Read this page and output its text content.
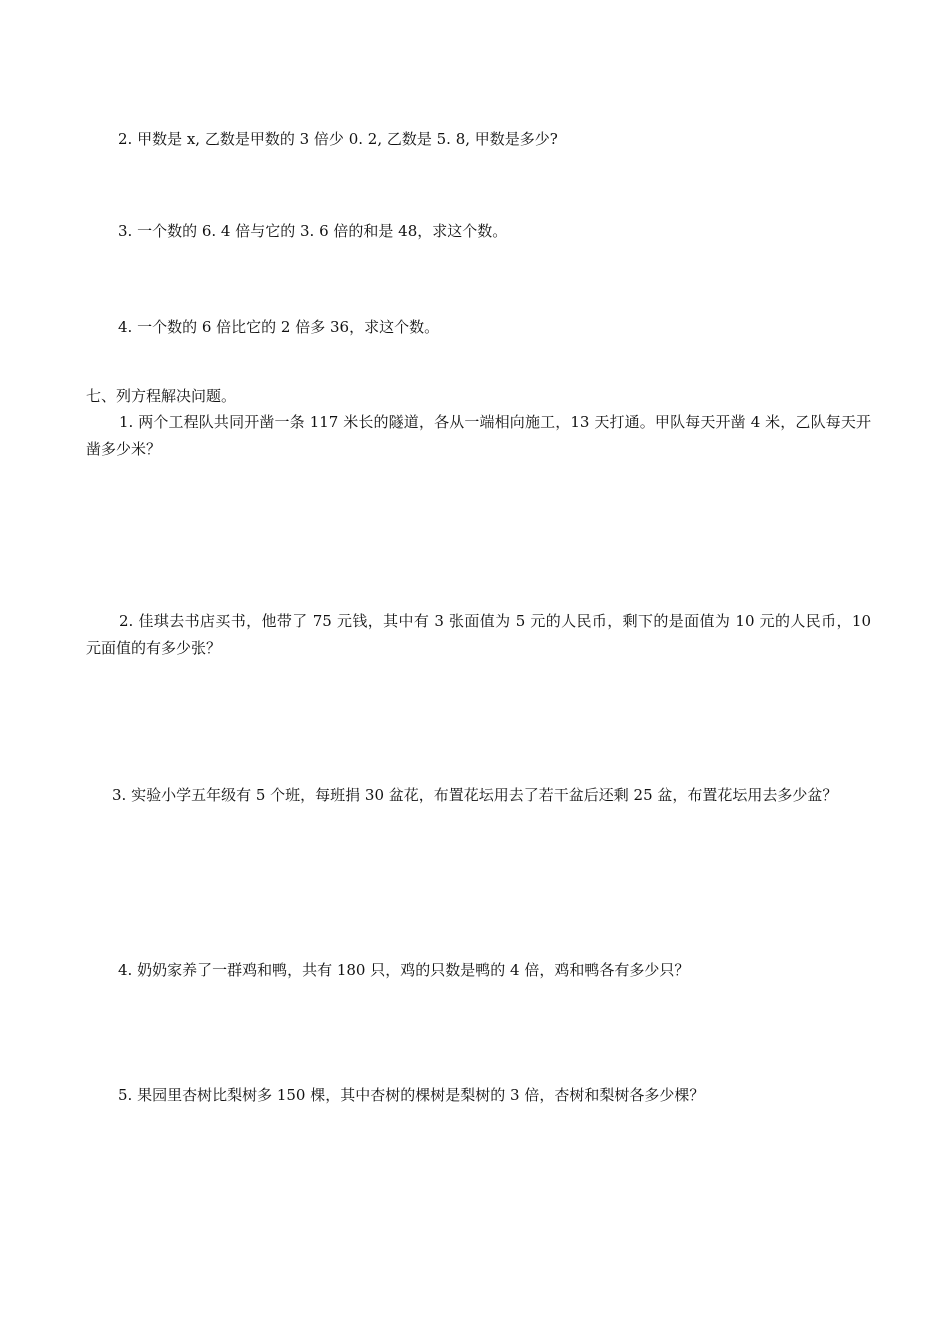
2. 甲数是 x, 乙数是甲数的 3 倍少 0. 2, 乙数是 5. 8, 甲数是多少?
3. 一个数的 6. 4 倍与它的 3. 6 倍的和是 48，求这个数。
4. 一个数的 6 倍比它的 2 倍多 36，求这个数。
七、列方程解决问题。
1. 两个工程队共同开凿一条 117 米长的隧道，各从一端相向施工，13 天打通。甲队每天开凿 4 米，乙队每天开凿多少米？
2. 佳琪去书店买书，他带了 75 元钱，其中有 3 张面值为 5 元的人民币，剩下的是面值为 10 元的人民币，10 元面值的有多少张？
3. 实验小学五年级有 5 个班，每班捐 30 盆花，布置花坛用去了若干盆后还剩 25 盆，布置花坛用去多少盆？
4. 奶奶家养了一群鸡和鸭，共有 180 只，鸡的只数是鸭的 4 倍，鸡和鸭各有多少只？
5. 果园里杏树比梨树多 150 棵，其中杏树的棵树是梨树的 3 倍，杏树和梨树各多少棵？
